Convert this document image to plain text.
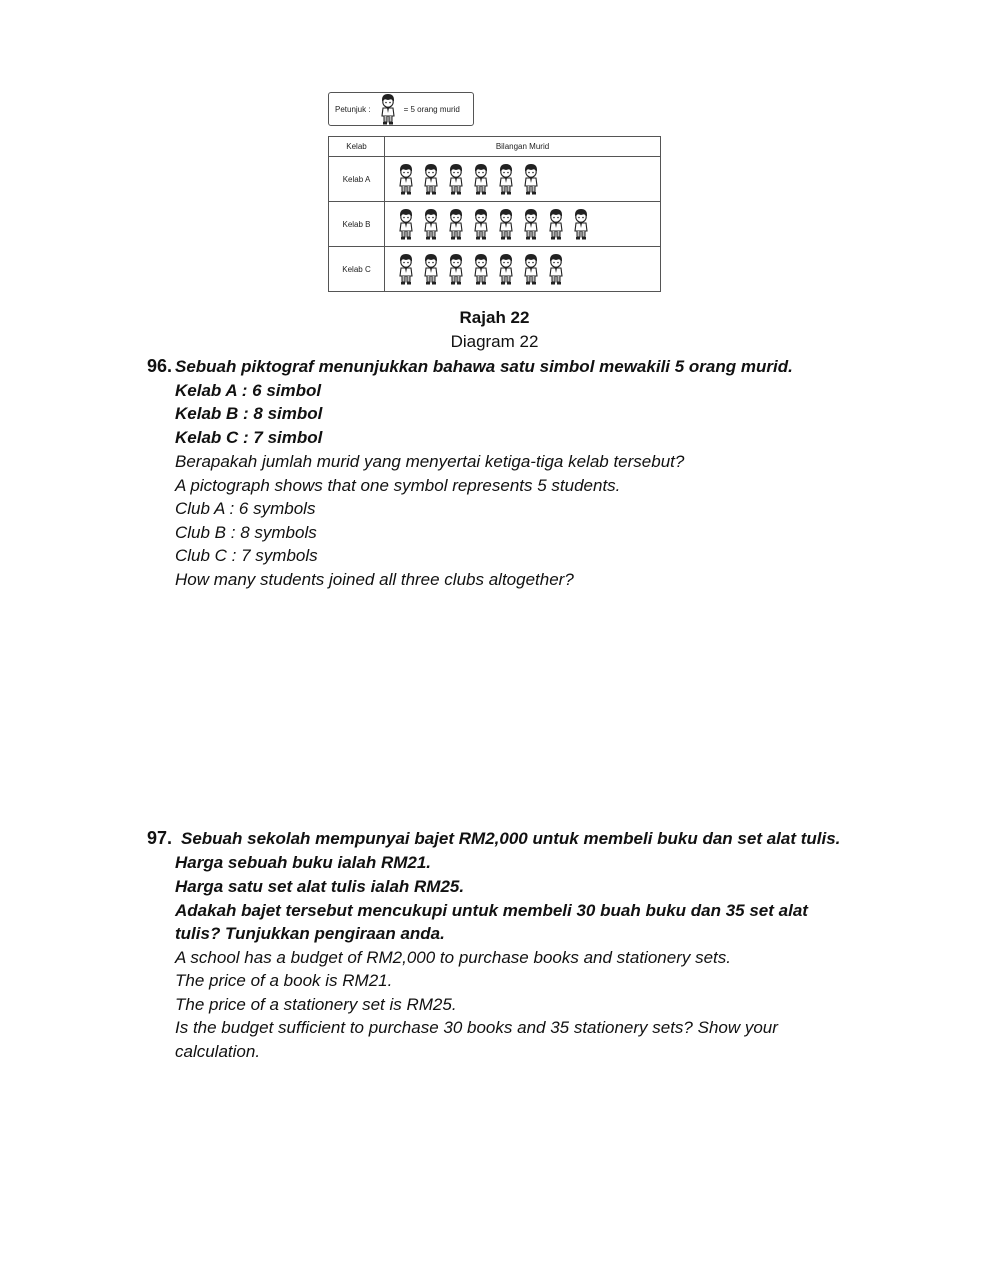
Petunjuk :	= 5 orang murid
Kelab	Bilangan Murid
Kelab A	

Kelab B	

Kelab C	
Rajah 22
Diagram 22
96. Sebuah piktograf menunjukkan bahawa satu simbol mewakili 5 orang murid.
Kelab A : 6 simbol
Kelab B : 8 simbol
Kelab C : 7 simbol
Berapakah jumlah murid yang menyertai ketiga-tiga kelab tersebut?
A pictograph shows that one symbol represents 5 students.
Club A : 6 symbols
Club B : 8 symbols
Club C : 7 symbols
How many students joined all three clubs altogether?
97. Sebuah sekolah mempunyai bajet RM2,000 untuk membeli buku dan set alat tulis.
Harga sebuah buku ialah RM21.
Harga satu set alat tulis ialah RM25.
Adakah bajet tersebut mencukupi untuk membeli 30 buah buku dan 35 set alat
tulis? Tunjukkan pengiraan anda.
A school has a budget of RM2,000 to purchase books and stationery sets.
The price of a book is RM21.
The price of a stationery set is RM25.
Is the budget sufficient to purchase 30 books and 35 stationery sets? Show your
calculation.
